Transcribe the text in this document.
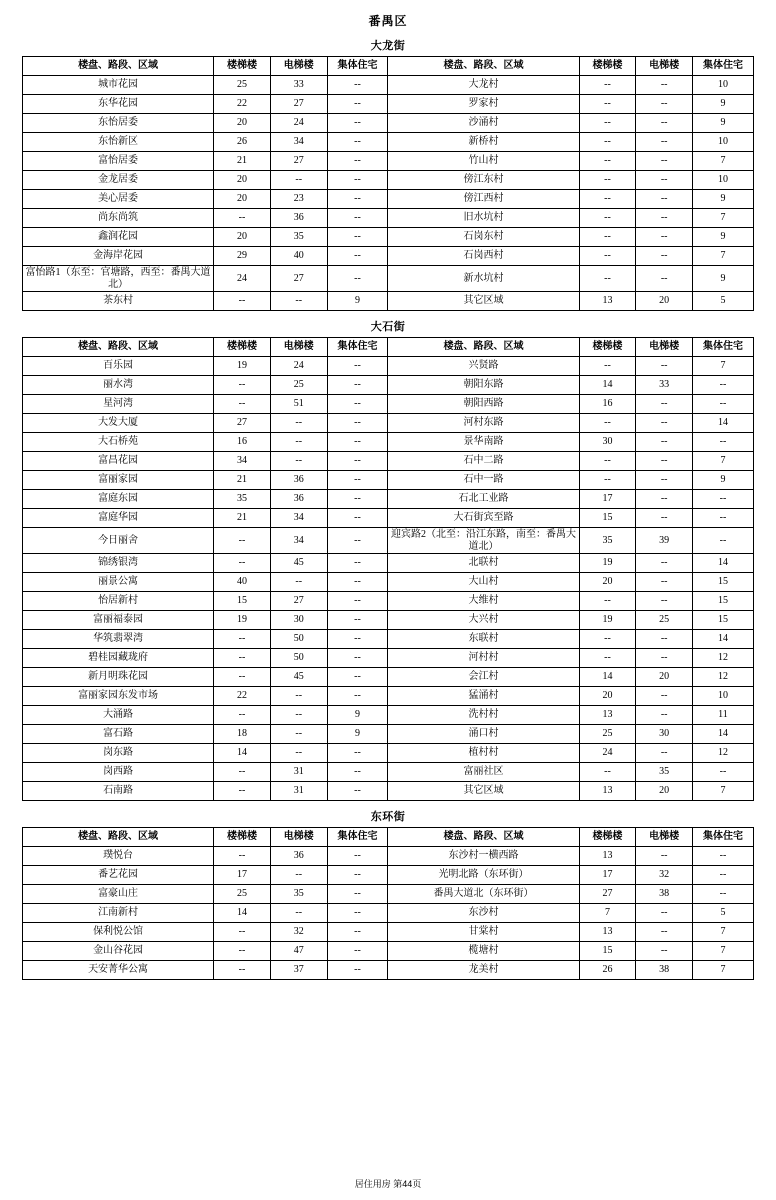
番禺区
大龙街
楼盘、路段、区域	楼梯楼	电梯楼	集体住宅	楼盘、路段、区域	楼梯楼	电梯楼	集体住宅
城市花园	25	33	--	大龙村	--	--	10
东华花园	22	27	--	罗家村	--	--	9
东怡居委	20	24	--	沙涌村	--	--	9
东怡新区	26	34	--	新桥村	--	--	10
富怡居委	21	27	--	竹山村	--	--	7
金龙居委	20	--	--	傍江东村	--	--	10
美心居委	20	23	--	傍江西村	--	--	9
尚东尚筑	--	36	--	旧水坑村	--	--	7
鑫润花园	20	35	--	石岗东村	--	--	9
金海岸花园	29	40	--	石岗西村	--	--	7
富怡路1（东至：官塘路，西至：番禺大道北）	24	27	--	新水坑村	--	--	9
茶东村	--	--	9	其它区域	13	20	5
大石街
楼盘、路段、区域	楼梯楼	电梯楼	集体住宅	楼盘、路段、区域	楼梯楼	电梯楼	集体住宅
百乐园	19	24	--	兴贤路	--	--	7
丽水湾	--	25	--	朝阳东路	14	33	--
星河湾	--	51	--	朝阳西路	16	--	--
大发大厦	27	--	--	河村东路	--	--	14
大石桥苑	16	--	--	景华南路	30	--	--
富昌花园	34	--	--	石中二路	--	--	7
富丽家园	21	36	--	石中一路	--	--	9
富庭东园	35	36	--	石北工业路	17	--	--
富庭华园	21	34	--	大石街宾至路	15	--	--
今日丽舍	--	34	--	迎宾路2（北至：沿江东路，南至：番禺大道北）	35	39	--
锦绣银湾	--	45	--	北联村	19	--	14
丽景公寓	40	--	--	大山村	20	--	15
怡居新村	15	27	--	大维村	--	--	15
富丽福泰园	19	30	--	大兴村	19	25	15
华筑翡翠湾	--	50	--	东联村	--	--	14
碧桂园藏珑府	--	50	--	河村村	--	--	12
新月明珠花园	--	45	--	会江村	14	20	12
富丽家园东发市场	22	--	--	猛涌村	20	--	10
大涌路	--	--	9	洗村村	13	--	11
富石路	18	--	9	涌口村	25	30	14
岗东路	14	--	--	植村村	24	--	12
岗西路	--	31	--	富丽社区	--	35	--
石南路	--	31	--	其它区域	13	20	7
东环街
楼盘、路段、区域	楼梯楼	电梯楼	集体住宅	楼盘、路段、区域	楼梯楼	电梯楼	集体住宅
璞悦台	--	36	--	东沙村一横西路	13	--	--
番艺花园	17	--	--	光明北路（东环街）	17	32	--
富豪山庄	25	35	--	番禺大道北（东环街）	27	38	--
江南新村	14	--	--	东沙村	7	--	5
保利悦公馆	--	32	--	甘棠村	13	--	7
金山谷花园	--	47	--	榄塘村	15	--	7
天安菁华公寓	--	37	--	龙美村	26	38	7
居住用房 第44页
